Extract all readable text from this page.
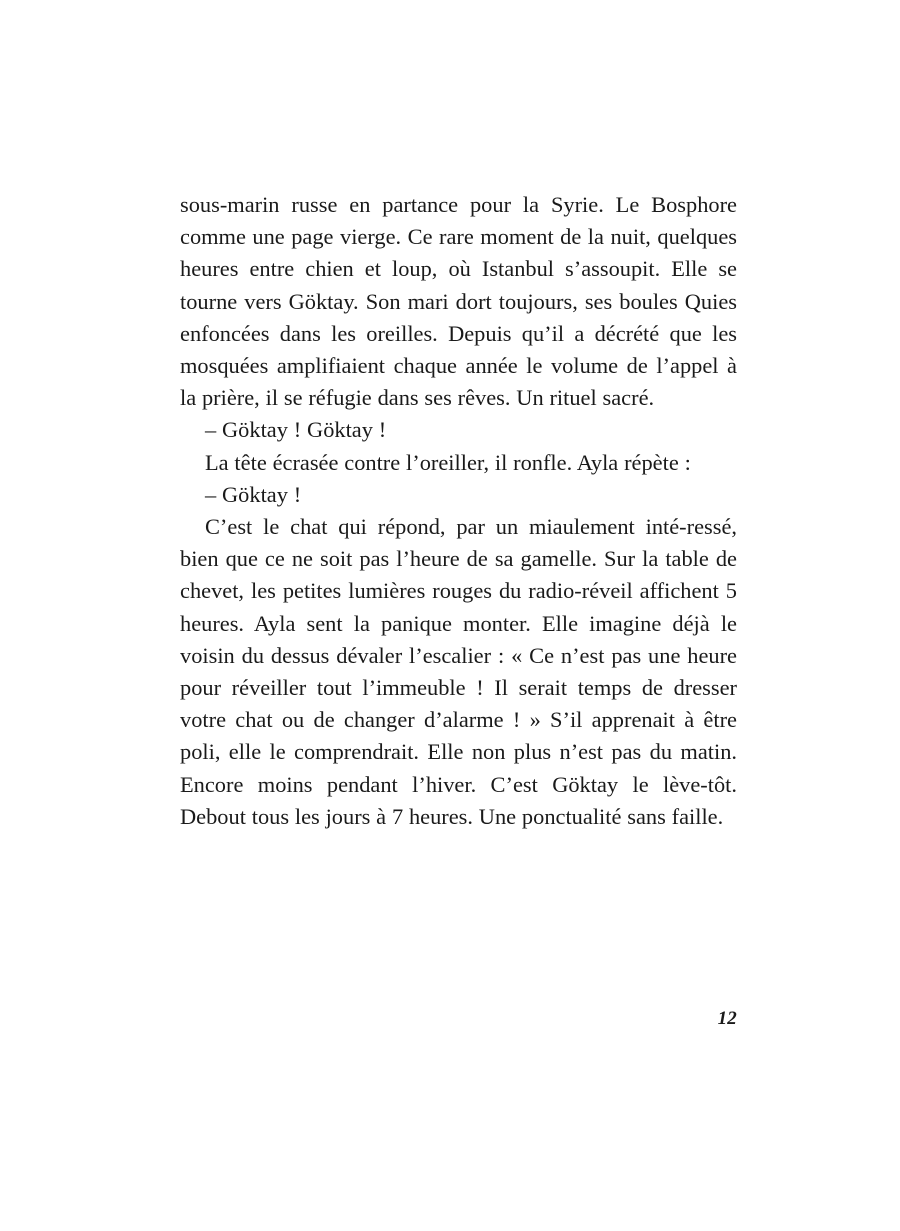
sous-marin russe en partance pour la Syrie. Le Bosphore comme une page vierge. Ce rare moment de la nuit, quelques heures entre chien et loup, où Istanbul s’assoupit. Elle se tourne vers Göktay. Son mari dort toujours, ses boules Quies enfoncées dans les oreilles. Depuis qu’il a décrété que les mosquées amplifiaient chaque année le volume de l’appel à la prière, il se réfugie dans ses rêves. Un rituel sacré.

– Göktay ! Göktay !

La tête écrasée contre l’oreiller, il ronfle. Ayla répète :

– Göktay !

C’est le chat qui répond, par un miaulement inté-ressé, bien que ce ne soit pas l’heure de sa gamelle. Sur la table de chevet, les petites lumières rouges du radio-réveil affichent 5 heures. Ayla sent la panique monter. Elle imagine déjà le voisin du dessus dévaler l’escalier : « Ce n’est pas une heure pour réveiller tout l’immeuble ! Il serait temps de dresser votre chat ou de changer d’alarme ! » S’il apprenait à être poli, elle le comprendrait. Elle non plus n’est pas du matin. Encore moins pendant l’hiver. C’est Göktay le lève-tôt. Debout tous les jours à 7 heures. Une ponctualité sans faille.

12
